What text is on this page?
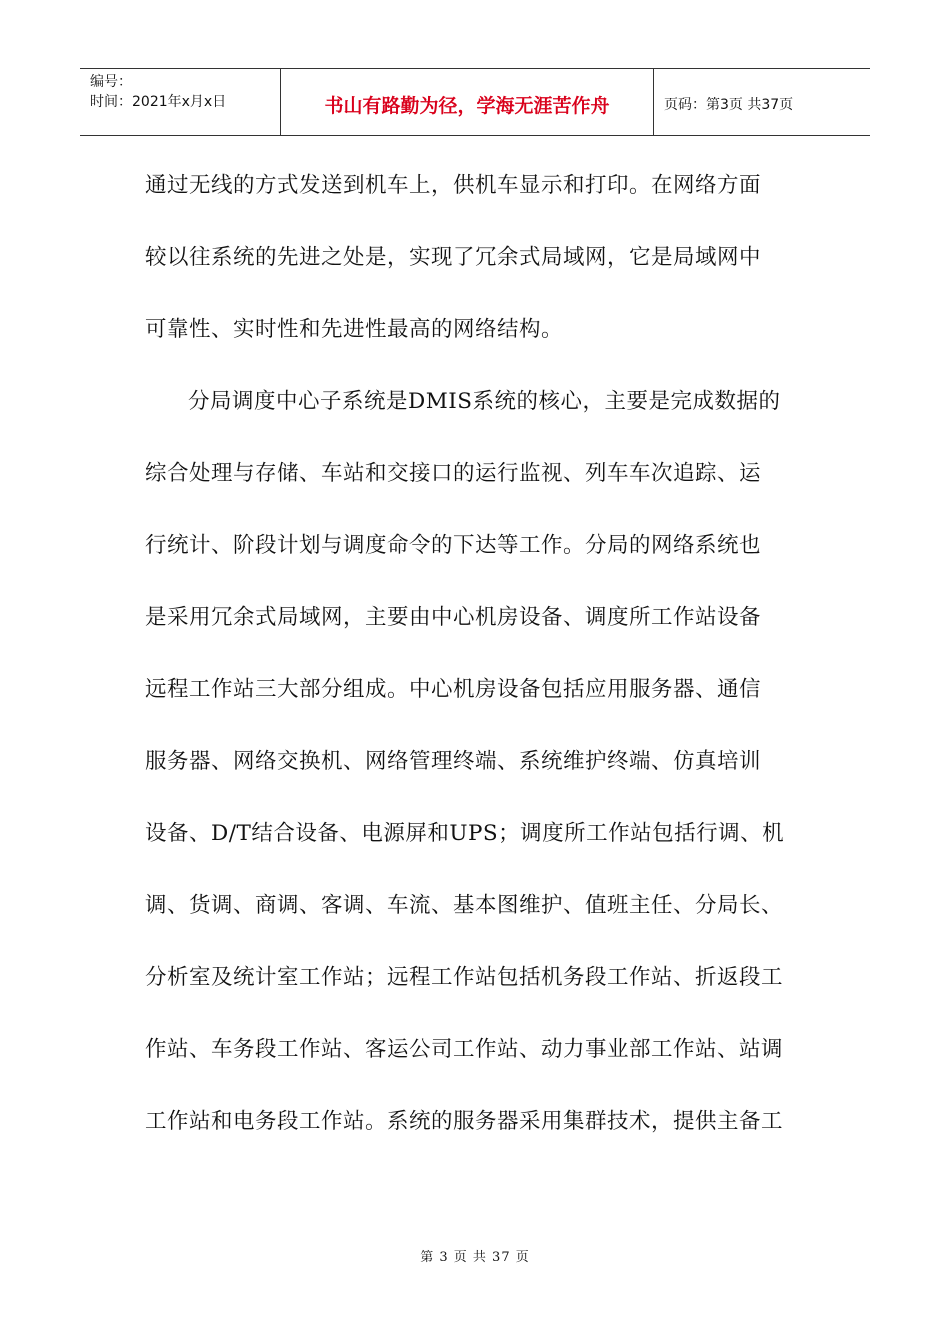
编号：
时间：2021年x月x日	书山有路勤为径，学海无涯苦作舟	页码：第3页 共37页
通过无线的方式发送到机车上，供机车显示和打印。在网络方面
较以往系统的先进之处是，实现了冗余式局域网，它是局域网中
可靠性、实时性和先进性最高的网络结构。
分局调度中心子系统是DMIS系统的核心，主要是完成数据的
综合处理与存储、车站和交接口的运行监视、列车车次追踪、运
行统计、阶段计划与调度命令的下达等工作。分局的网络系统也
是采用冗余式局域网，主要由中心机房设备、调度所工作站设备
远程工作站三大部分组成。中心机房设备包括应用服务器、通信
服务器、网络交换机、网络管理终端、系统维护终端、仿真培训
设备、D/T结合设备、电源屏和UPS；调度所工作站包括行调、机
调、货调、商调、客调、车流、基本图维护、值班主任、分局长、
分析室及统计室工作站；远程工作站包括机务段工作站、折返段工
作站、车务段工作站、客运公司工作站、动力事业部工作站、站调
工作站和电务段工作站。系统的服务器采用集群技术，提供主备工
第 3 页 共 37 页
